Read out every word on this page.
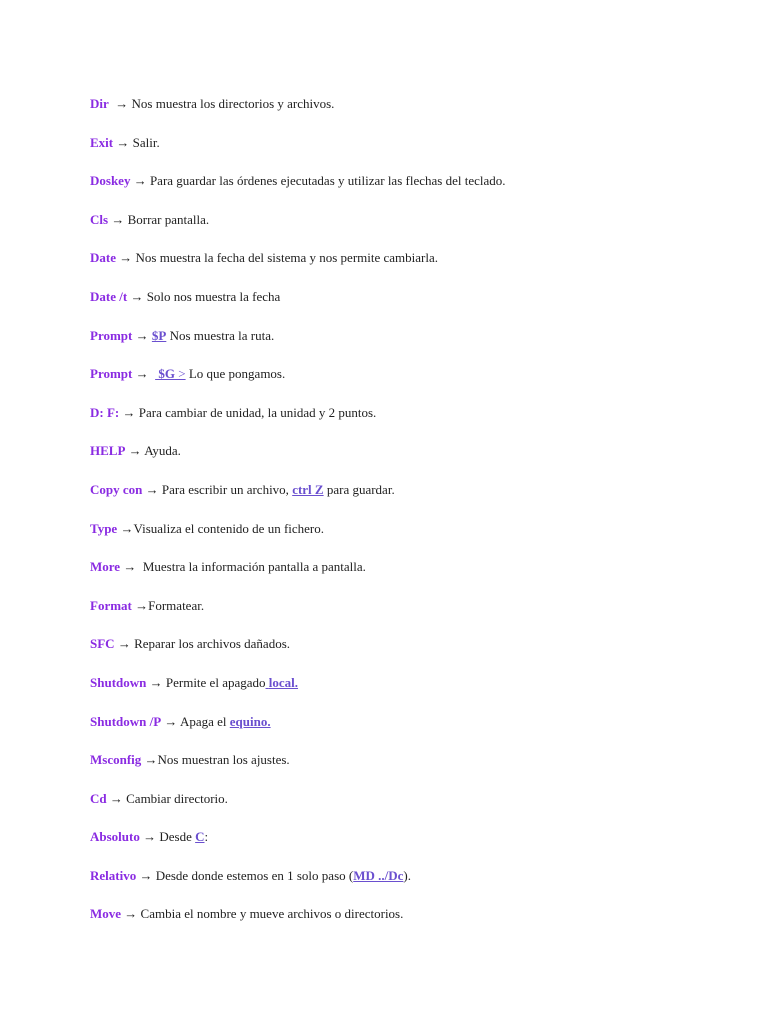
Dir → Nos muestra los directorios y archivos.
Exit → Salir.
Doskey → Para guardar las órdenes ejecutadas y utilizar las flechas del teclado.
Cls → Borrar pantalla.
Date → Nos muestra la fecha del sistema y nos permite cambiarla.
Date /t → Solo nos muestra la fecha
Prompt → $P Nos muestra la ruta.
Prompt →   $G > Lo que pongamos.
D: F: → Para cambiar de unidad, la unidad y 2 puntos.
HELP → Ayuda.
Copy con → Para escribir un archivo, ctrl Z para guardar.
Type →Visualiza el contenido de un fichero.
More → Muestra la información pantalla a pantalla.
Format →Formatear.
SFC → Reparar los archivos dañados.
Shutdown → Permite el apagado local.
Shutdown /P → Apaga el equino.
Msconfig →Nos muestran los ajustes.
Cd → Cambiar directorio.
Absoluto → Desde C:
Relativo → Desde donde estemos en 1 solo paso (MD ../Dc).
Move → Cambia el nombre y mueve archivos o directorios.
